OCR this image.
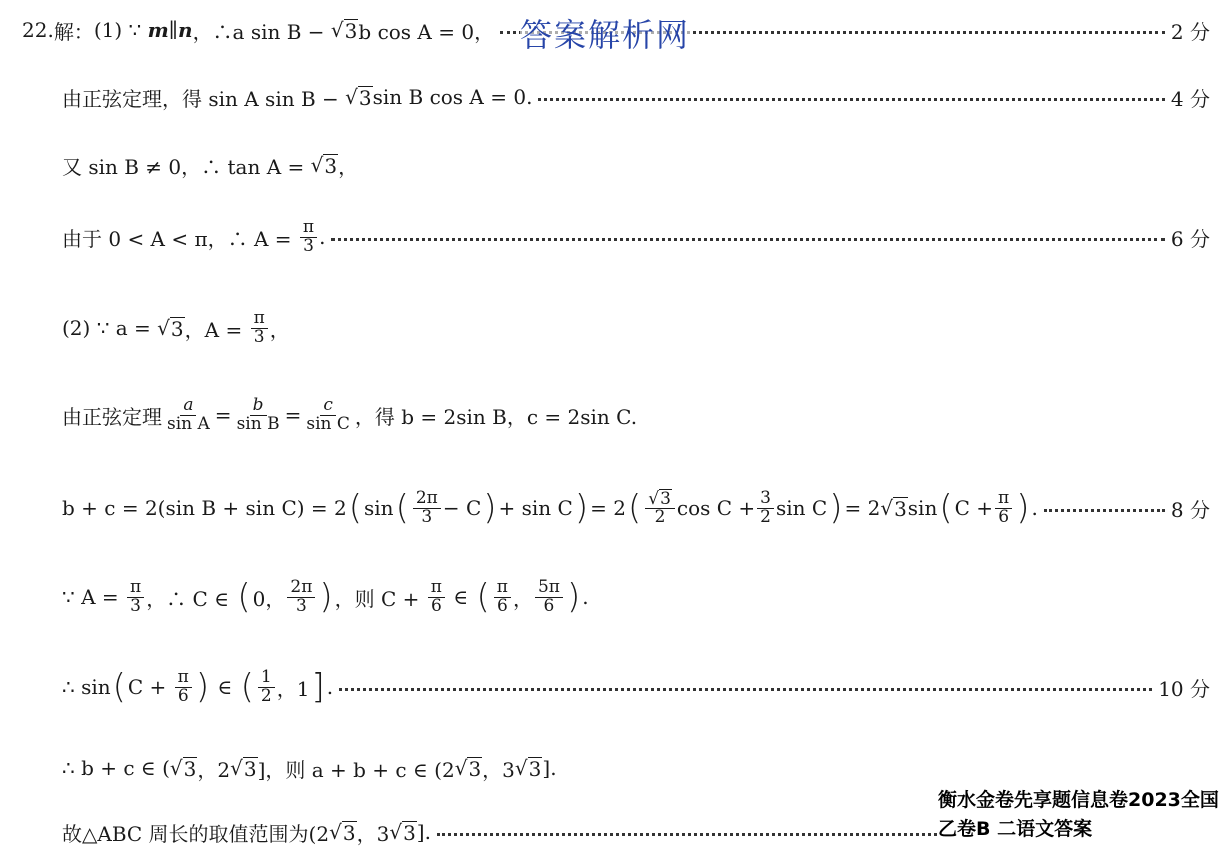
22. 解： (1) ∵ m ∥ n ，∴a sin B − √ 3 b cos A = 0，	2 分
由正弦定理，得 sin A sin B − √ 3 sin B cos A = 0.	4 分
又 sin B ≠ 0，∴ tan A = √ 3 ，
由于 0 < A < π，∴ $A = \frac{\pi}{3}$ .	6 分
(2) ∵ a = √ 3 ，$A = \frac{\pi}{3}$ ，
由正弦定理 $\frac{a}{\text{sin A}} = \frac{b}{\text{sin B}} = \frac{c}{\text{sin C}}$ ，得 b = 2sin B，c = 2sin C.
b + c = 2(sin B + sin C) = 2 ( sin ( $\frac{2\pi}{3} - C$ ) + sin C ) = 2 ( $\frac{√ 3}{2}$ $\cos C + \frac{3}{2}$ sin C ) = 2 √ 3 sin ( $C + \frac{\pi}{6}$ ) .	8 分
∵ $A = \frac{\pi}{3}$ ，∴ C ∈ ( 0， $\frac{2\pi}{3}$ ) ，则 $C + \frac{\pi}{6}$ ∈ ( $\frac{\pi}{6}$ ， $\frac{5\pi}{6}$ ) .
∴ sin ( $C + \frac{\pi}{6}$ ) ∈ ( $\frac{1}{2}$ ，1 ] .	10 分
∴ b + c ∈ ( √ 3 ，2 √ 3 ]，则 a + b + c ∈ (2 √ 3 ，3 √ 3 ].
故△ABC 周长的取值范围为(2 √ 3 ，3 √ 3 ].
答案解析网
衡水金卷先享题信息卷2023全国乙卷B 二语文答案
